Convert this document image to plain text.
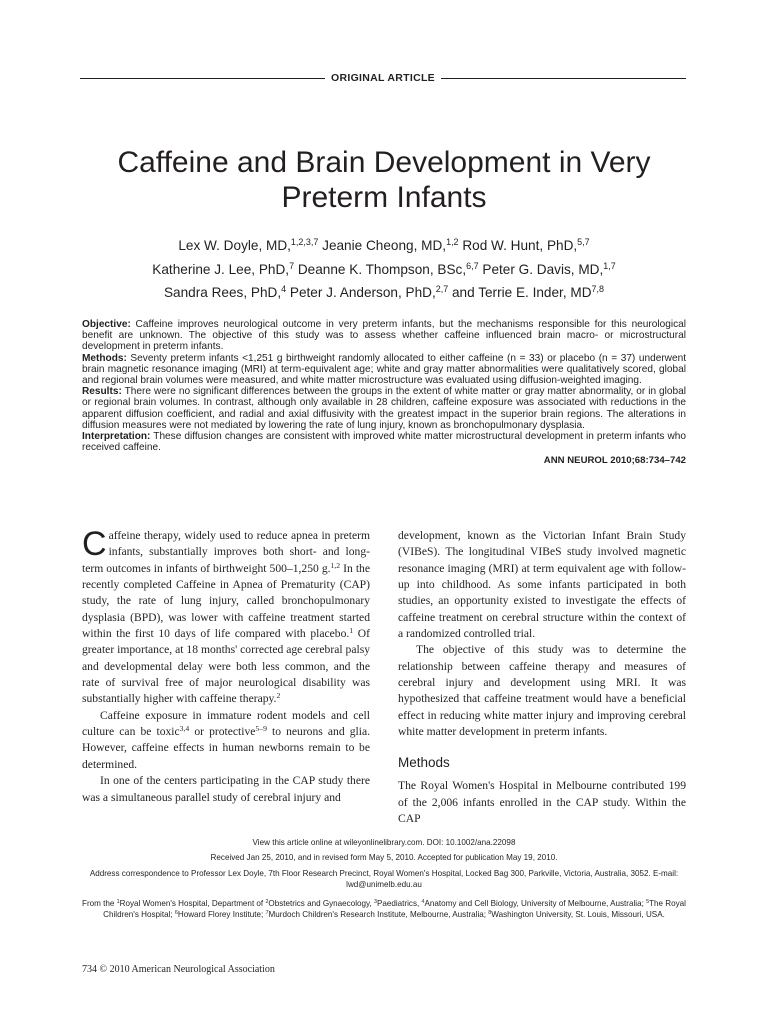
ORIGINAL ARTICLE
Caffeine and Brain Development in Very
Preterm Infants
Lex W. Doyle, MD,$^{1,2,3,7}$ Jeanie Cheong, MD,$^{1,2}$ Rod W. Hunt, PhD,$^{5,7}$
Katherine J. Lee, PhD,$^7$ Deanne K. Thompson, BSc,$^{6,7}$ Peter G. Davis, MD,$^{1,7}$
Sandra Rees, PhD,$^4$ Peter J. Anderson, PhD,$^{2,7}$ and Terrie E. Inder, MD$^{7,8}$

Objective: Caffeine improves neurological outcome in very preterm infants, but the mechanisms responsible for this neurological benefit are unknown. The objective of this study was to assess whether caffeine influenced brain macro- or microstructural development in preterm infants.

Methods: Seventy preterm infants <1,251 g birthweight randomly allocated to either caffeine (n = 33) or placebo (n = 37) underwent brain magnetic resonance imaging (MRI) at term-equivalent age; white and gray matter abnormalities were qualitatively scored, global and regional brain volumes were measured, and white matter microstructure was evaluated using diffusion-weighted imaging.

Results: There were no significant differences between the groups in the extent of white matter or gray matter abnormality, or in global or regional brain volumes. In contrast, although only available in 28 children, caffeine exposure was associated with reductions in the apparent diffusion coefficient, and radial and axial diffusivity with the greatest impact in the superior brain regions. The alterations in diffusion measures were not mediated by lowering the rate of lung injury, known as bronchopulmonary dysplasia.

Interpretation: These diffusion changes are consistent with improved white matter microstructural development in preterm infants who received caffeine.

ANN NEUROL 2010;68:734–742

Caffeine therapy, widely used to reduce apnea in preterm infants, substantially improves both short- and long-term outcomes in infants of birthweight 500–1,250 g.$^{1,2}$ In the recently completed Caffeine in Apnea of Prematurity (CAP) study, the rate of lung injury, called bronchopulmonary dysplasia (BPD), was lower with caffeine treatment started within the first 10 days of life compared with placebo.$^1$ Of greater importance, at 18 months' corrected age cerebral palsy and developmental delay were both less common, and the rate of survival free of major neurological disability was substantially higher with caffeine therapy.$^2$

Caffeine exposure in immature rodent models and cell culture can be toxic$^{3,4}$ or protective$^{5-9}$ to neurons and glia. However, caffeine effects in human newborns remain to be determined.

In one of the centers participating in the CAP study there was a simultaneous parallel study of cerebral injury and

development, known as the Victorian Infant Brain Study (VIBeS). The longitudinal VIBeS study involved magnetic resonance imaging (MRI) at term equivalent age with follow-up into childhood. As some infants participated in both studies, an opportunity existed to investigate the effects of caffeine treatment on cerebral structure within the context of a randomized controlled trial.

The objective of this study was to determine the relationship between caffeine therapy and measures of cerebral injury and development using MRI. It was hypothesized that caffeine treatment would have a beneficial effect in reducing white matter injury and improving cerebral white matter development in preterm infants.

Methods

The Royal Women's Hospital in Melbourne contributed 199 of the 2,006 infants enrolled in the CAP study. Within the CAP

View this article online at wileyonlinelibrary.com. DOI: 10.1002/ana.22098

Received Jan 25, 2010, and in revised form May 5, 2010. Accepted for publication May 19, 2010.

Address correspondence to Professor Lex Doyle, 7th Floor Research Precinct, Royal Women's Hospital, Locked Bag 300, Parkville, Victoria, Australia, 3052. E-mail: lwd@unimelb.edu.au

From the $^1$Royal Women's Hospital, Department of $^2$Obstetrics and Gynaecology, $^3$Paediatrics, $^4$Anatomy and Cell Biology, University of Melbourne, Australia; $^5$The Royal Children's Hospital; $^6$Howard Florey Institute; $^7$Murdoch Children's Research Institute, Melbourne, Australia; $^8$Washington University, St. Louis, Missouri, USA.

734 © 2010 American Neurological Association
